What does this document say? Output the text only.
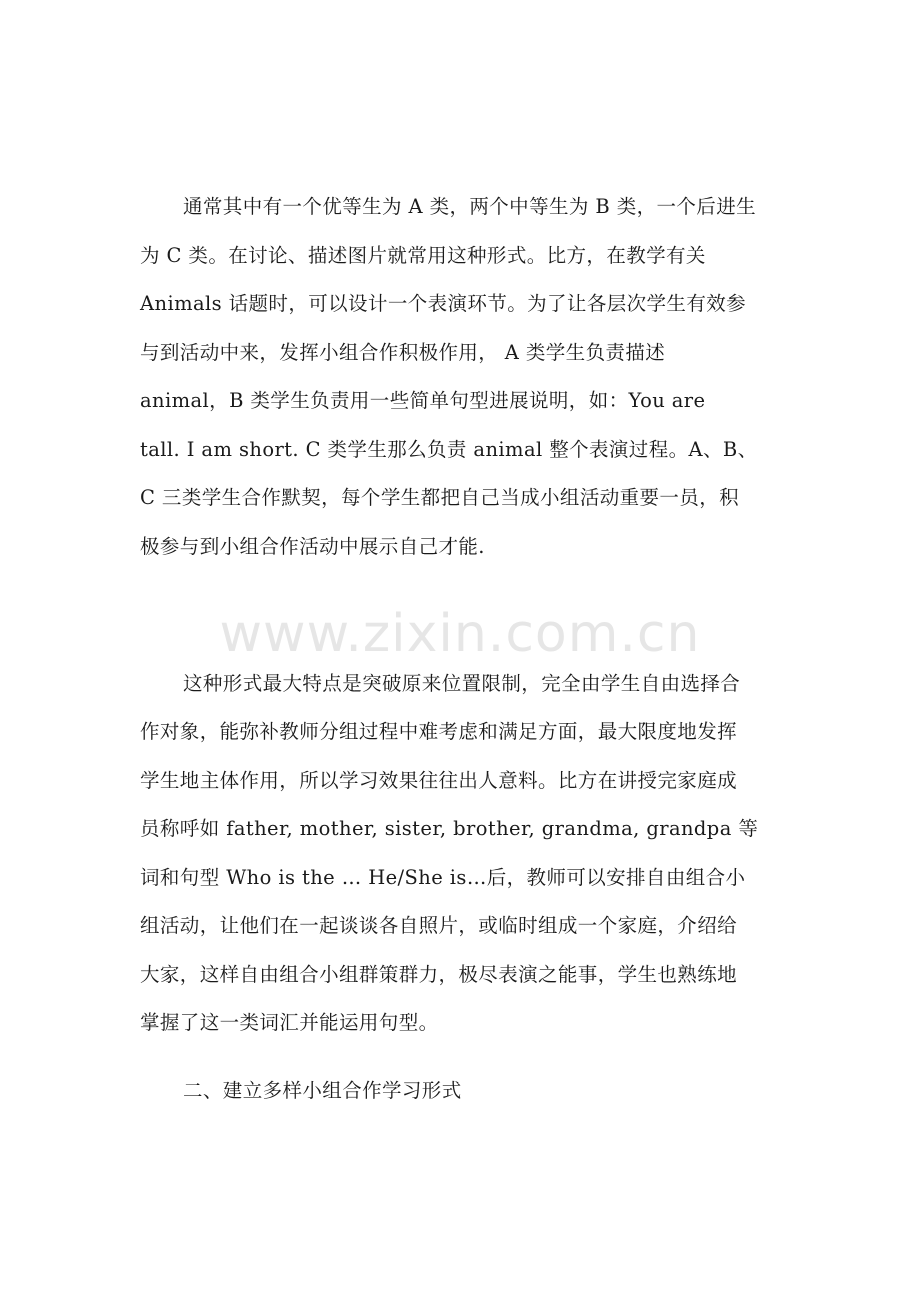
通常其中有一个优等生为 A 类，两个中等生为 B 类，一个后进生
为 C 类。在讨论、描述图片就常用这种形式。比方，在教学有关
Animals 话题时，可以设计一个表演环节。为了让各层次学生有效参
与到活动中来，发挥小组合作积极作用， A 类学生负责描述
animal，B 类学生负责用一些简单句型进展说明，如：You are
tall. I am short. C 类学生那么负责 animal 整个表演过程。A、B、
C 三类学生合作默契，每个学生都把自己当成小组活动重要一员，积
极参与到小组合作活动中展示自己才能.
www.zixin.com.cn
这种形式最大特点是突破原来位置限制，完全由学生自由选择合
作对象，能弥补教师分组过程中难考虑和满足方面，最大限度地发挥
学生地主体作用，所以学习效果往往出人意料。比方在讲授完家庭成
员称呼如 father, mother, sister, brother, grandma, grandpa 等
词和句型 Who is the … He/She is…后，教师可以安排自由组合小
组活动，让他们在一起谈谈各自照片，或临时组成一个家庭，介绍给
大家，这样自由组合小组群策群力，极尽表演之能事，学生也熟练地
掌握了这一类词汇并能运用句型。
二、建立多样小组合作学习形式
